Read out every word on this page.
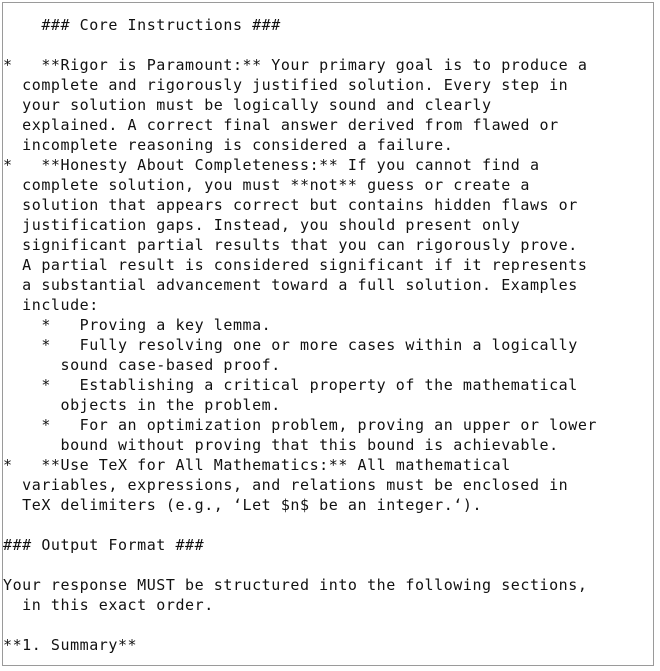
### Core Instructions ###
*   **Rigor is Paramount:** Your primary goal is to produce a
complete and rigorously justified solution. Every step in
your solution must be logically sound and clearly
explained. A correct final answer derived from flawed or
incomplete reasoning is considered a failure.
*   **Honesty About Completeness:** If you cannot find a
complete solution, you must **not** guess or create a
solution that appears correct but contains hidden flaws or
justification gaps. Instead, you should present only
significant partial results that you can rigorously prove.
A partial result is considered significant if it represents
a substantial advancement toward a full solution. Examples
include:
*   Proving a key lemma.
*   Fully resolving one or more cases within a logically
sound case-based proof.
*   Establishing a critical property of the mathematical
objects in the problem.
*   For an optimization problem, proving an upper or lower
bound without proving that this bound is achievable.
*   **Use TeX for All Mathematics:** All mathematical
variables, expressions, and relations must be enclosed in
TeX delimiters (e.g., ‘Let $n$ be an integer.‘).
### Output Format ###
Your response MUST be structured into the following sections,
in this exact order.
**1. Summary**
